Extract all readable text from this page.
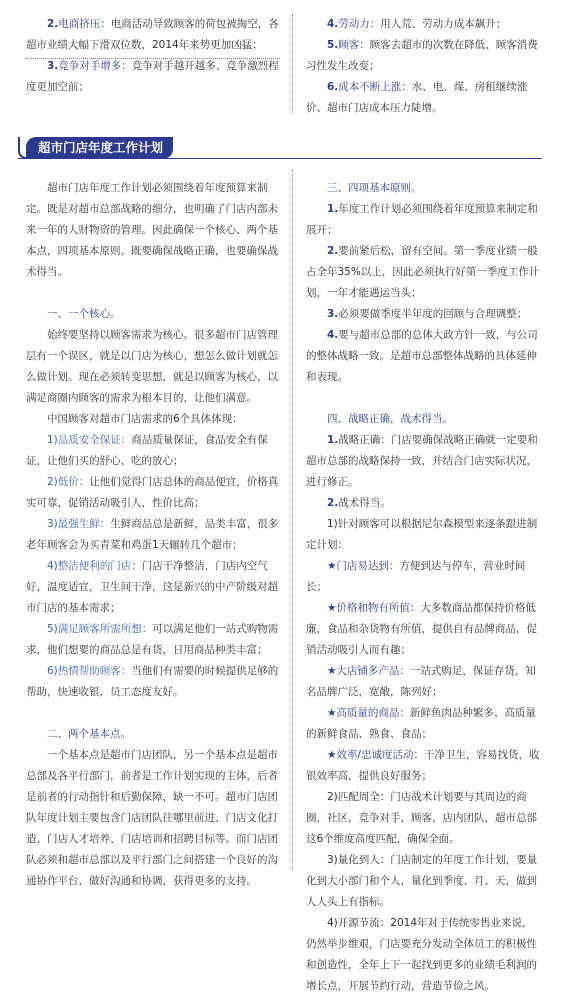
2.电商挤压：电商活动导致顾客的荷包被掏空，各超市业绩大幅下滑双位数，2014年来势更加凶猛；

3.竞争对手增多：竞争对手越开越多、竞争激烈程度更加空前；

4.劳动力：用人荒、劳动力成本飙升；

5.顾客：顾客去超市的次数在降低、顾客消费习性发生改变；

6.成本不断上涨：水、电、煤、房租继续涨价、超市门店成本压力陡增。

超市门店年度工作计划

超市门店年度工作计划必须围绕着年度预算来制定。既是对超市总部战略的细分，也明确了门店内部未来一年的人财物资的管理。因此确保一个核心、两个基本点，四项基本原则。既要确保战略正确，也要确保战术得当。

一、一个核心。

始终要坚持以顾客需求为核心。很多超市门店管理层有一个误区，就是以门店为核心，想怎么做计划就怎么做计划。现在必须转变思想，就是以顾客为核心，以满足商圈内顾客的需求为根本目的，让他们满意。

中国顾客对超市门店需求的6个具体体现：

1)品质安全保证：商品质量保证，食品安全有保证，让他们买的舒心、吃的放心；

2)低价：让他们觉得门店总体的商品便宜，价格真实可靠，促销活动吸引人，性价比高；

3)最强生鲜：生鲜商品总是新鲜，品类丰富，很多老年顾客会为买青菜和鸡蛋1天辗转几个超市；

4)整洁便利的门店：门店干净整洁，门店内空气好，温度适宜，卫生间干净，这是新兴的中产阶级对超市门店的基本需求；

5)满足顾客所需所想：可以满足他们一站式购物需求，他们想要的商品总是有货，日用商品种类丰富；

6)热情帮助顾客：当他们有需要的时候提供足够的帮助，快速收银，员工态度友好。

二、两个基本点。

一个基本点是超市门店团队，另一个基本点是超市总部及各平行部门，前者是工作计划实现的主体，后者是前者的行动指针和后勤保障，缺一不可。超市门店团队年度计划主要包含门店团队往哪里前进、门店文化打造、门店人才培养、门店培训和招聘目标等。而门店团队必须和超市总部以及平行部门之间搭建一个良好的沟通协作平台，做好沟通和协调，获得更多的支持。

三、四项基本原则。

1.年度工作计划必须围绕着年度预算来制定和展开；

2.要前紧后松，留有空间。第一季度业绩一般占全年35%以上，因此必须执行好第一季度工作计划，一年才能遇运当头；

3.必须要做季度半年度的回顾与合理调整；

4.要与超市总部的总体大政方针一致，与公司的整体战略一致。是超市总部整体战略的具体延伸和表现。

四、战略正确，战术得当。

1.战略正确：门店要确保战略正确就一定要和超市总部的战略保持一致，并结合门店实际状况，进行修正。

2.战术得当。

1)针对顾客可以根据尼尔森模型来逐条跟进制定计划：

★门店易达到：方便到达与停车，营业时间长；

★价格和物有所值：大多数商品都保持价格低廉，食品和杂货物有所值，提供自有品牌商品，促销活动吸引人而有趣；

★大店铺多产品：一站式购足，保证存货，知名品牌广泛，宽敞，陈列好；

★高质量的商品：新鲜鱼肉品种繁多、高质量的新鲜食品、熟食、食品；

★效率/忠诚度活动：干净卫生，容易找货，收银效率高，提供良好服务；

2)匹配周全：门店战术计划要与其周边的商圈，社区，竞争对手，顾客，店内团队，超市总部这6个维度高度匹配，确保全面。

3)量化到人：门店制定的年度工作计划，要量化到大小部门和个人，量化到季度、月、天，做到人人头上有指标。

4)开源节流：2014年对于传统零售业来说，仍然举步维艰，门店要充分发动全体员工的积极性和创造性，全年上下一起找到更多的业绩毛利润的增长点，开展节约行动，营造节俭之风。
